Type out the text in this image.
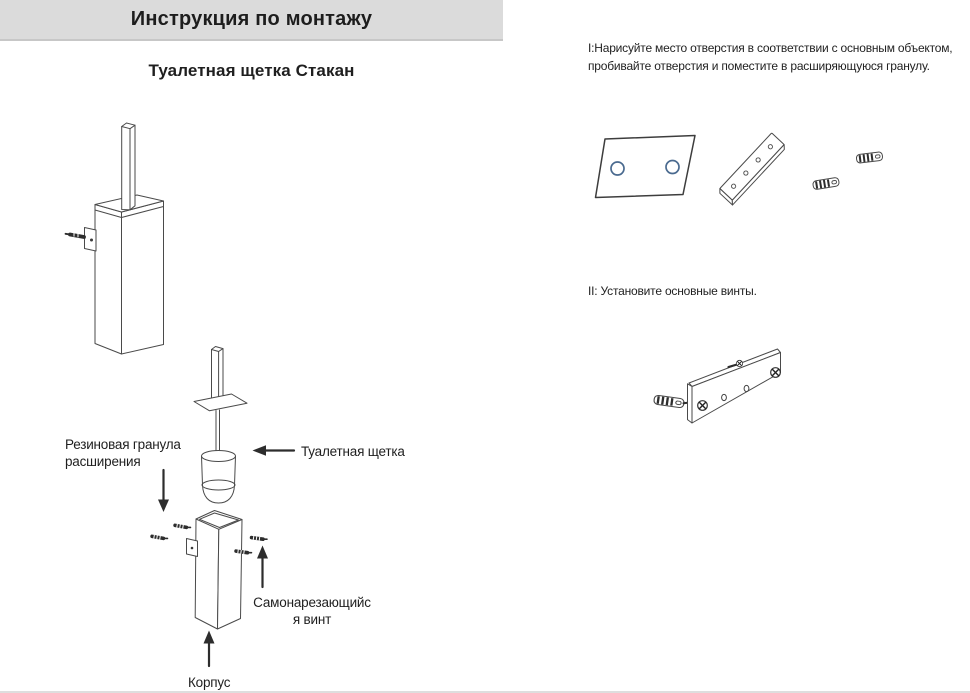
Инструкция по монтажу
Туалетная щетка Стакан
I:Нарисуйте место отверстия в соответствии с основным объектом, пробивайте отверстия и поместите в расширяющуюся гранулу.
II: Установите основные винты.
Резиновая гранула
расширения
Туалетная щетка
Самонарезающийс
я винт
Корпус
